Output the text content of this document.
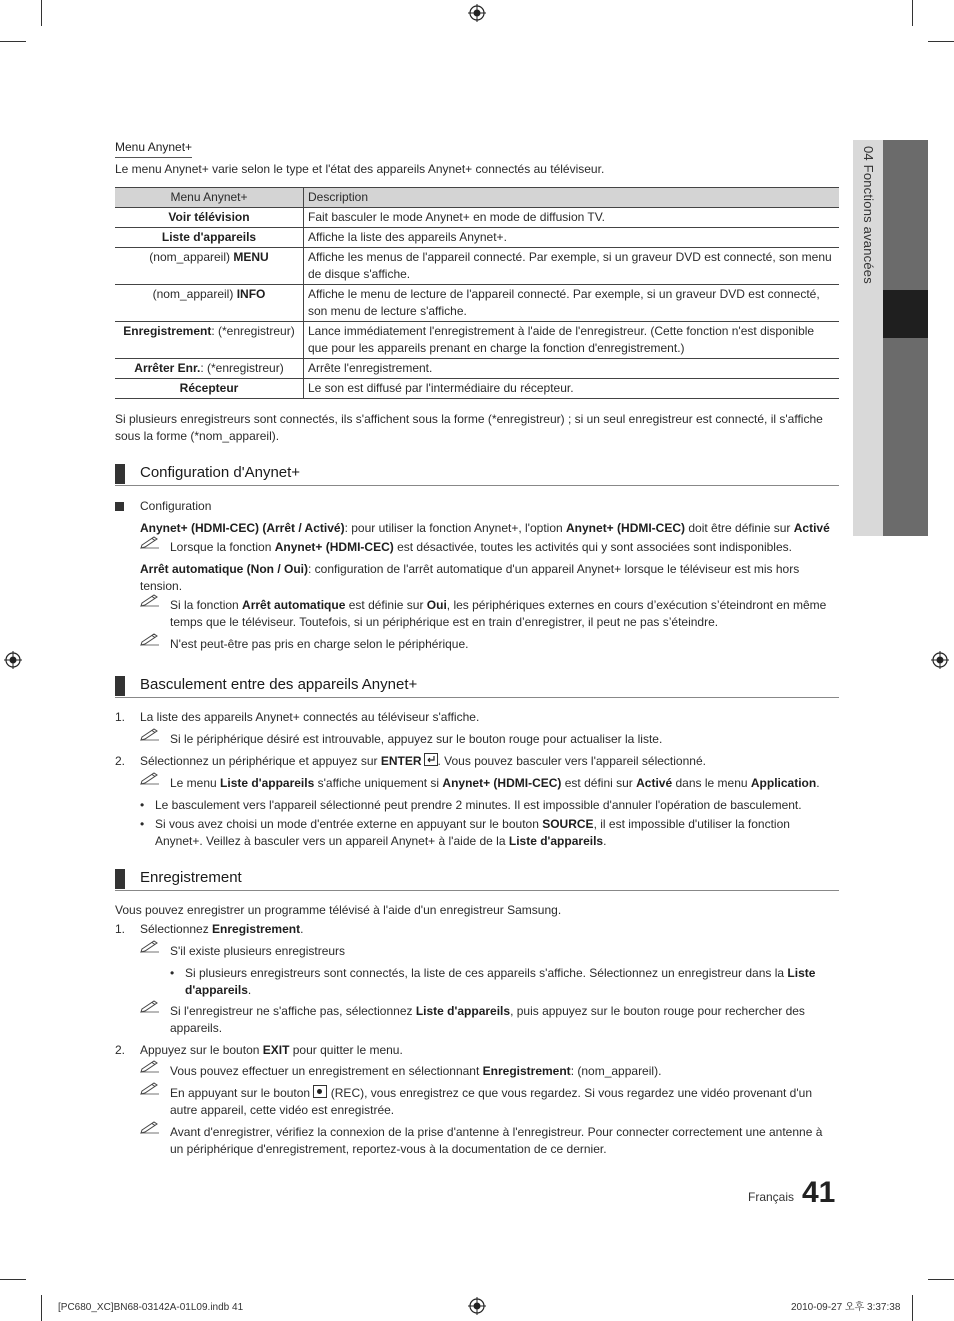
04 Fonctions avancées
Menu Anynet+
Le menu Anynet+ varie selon le type et l'état des appareils Anynet+ connectés au téléviseur.
Menu Anynet+	Description
Voir télévision	Fait basculer le mode Anynet+ en mode de diffusion TV.
Liste d'appareils	Affiche la liste des appareils Anynet+.
(nom_appareil) MENU	Affiche les menus de l'appareil connecté. Par exemple, si un graveur DVD est connecté, son menu de disque s'affiche.
(nom_appareil) INFO	Affiche le menu de lecture de l'appareil connecté. Par exemple, si un graveur DVD est connecté, son menu de lecture s'affiche.
Enregistrement: (*enregistreur)	Lance immédiatement l'enregistrement à l'aide de l'enregistreur. (Cette fonction n'est disponible que pour les appareils prenant en charge la fonction d'enregistrement.)
Arrêter Enr.: (*enregistreur)	Arrête l'enregistrement.
Récepteur	Le son est diffusé par l'intermédiaire du récepteur.

Si plusieurs enregistreurs sont connectés, ils s'affichent sous la forme (*enregistreur) ; si un seul enregistreur est connecté, il s'affiche sous la forme (*nom_appareil).

Configuration d'Anynet+
Configuration
Anynet+ (HDMI-CEC) (Arrêt / Activé): pour utiliser la fonction Anynet+, l'option Anynet+ (HDMI-CEC) doit être définie sur Activé
Lorsque la fonction Anynet+ (HDMI-CEC) est désactivée, toutes les activités qui y sont associées sont indisponibles.
Arrêt automatique (Non / Oui): configuration de l'arrêt automatique d'un appareil Anynet+ lorsque le téléviseur est mis hors tension.
Si la fonction Arrêt automatique est définie sur Oui, les périphériques externes en cours d’exécution s’éteindront en même temps que le téléviseur. Toutefois, si un périphérique est en train d’enregistrer, il peut ne pas s’éteindre.
N'est peut-être pas pris en charge selon le périphérique.
Basculement entre des appareils Anynet+
1. La liste des appareils Anynet+ connectés au téléviseur s'affiche.
Si le périphérique désiré est introuvable, appuyez sur le bouton rouge pour actualiser la liste.
2. Sélectionnez un périphérique et appuyez sur ENTER . Vous pouvez basculer vers l'appareil sélectionné.
Le menu Liste d'appareils s'affiche uniquement si Anynet+ (HDMI-CEC) est défini sur Activé dans le menu Application.
• Le basculement vers l'appareil sélectionné peut prendre 2 minutes. Il est impossible d'annuler l'opération de basculement.
• Si vous avez choisi un mode d'entrée externe en appuyant sur le bouton SOURCE, il est impossible d'utiliser la fonction Anynet+. Veillez à basculer vers un appareil Anynet+ à l'aide de la Liste d'appareils.
Enregistrement

Vous pouvez enregistrer un programme télévisé à l'aide d'un enregistreur Samsung.

1. Sélectionnez Enregistrement.
S'il existe plusieurs enregistreurs
• Si plusieurs enregistreurs sont connectés, la liste de ces appareils s'affiche. Sélectionnez un enregistreur dans la Liste d'appareils.
Si l'enregistreur ne s'affiche pas, sélectionnez Liste d'appareils, puis appuyez sur le bouton rouge pour rechercher des appareils.
2. Appuyez sur le bouton EXIT pour quitter le menu.
Vous pouvez effectuer un enregistrement en sélectionnant Enregistrement: (nom_appareil).
En appuyant sur le bouton  (REC), vous enregistrez ce que vous regardez. Si vous regardez une vidéo provenant d'un autre appareil, cette vidéo est enregistrée.
Avant d'enregistrer, vérifiez la connexion de la prise d'antenne à l'enregistreur. Pour connecter correctement une antenne à un périphérique d'enregistrement, reportez-vous à la documentation de ce dernier.
Français 41
[PC680_XC]BN68-03142A-01L09.indb 41	2010-09-27 오후 3:37:38
